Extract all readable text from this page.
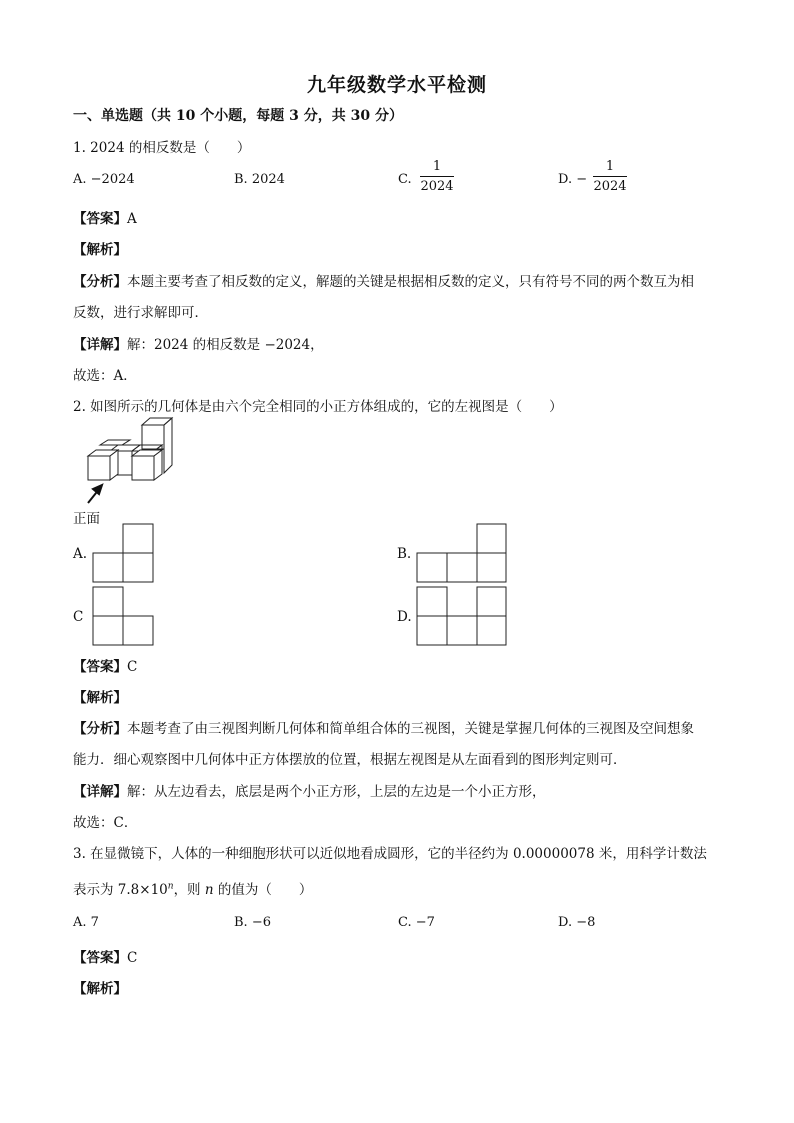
九年级数学水平检测
一、单选题（共 10 个小题，每题 3 分，共 30 分）
1. 2024 的相反数是（　　）
A. −2024	B. 2024	C. $\frac{1}{2024}$	D. − $\frac{1}{2024}$
【答案】A
【解析】
【分析】本题主要考查了相反数的定义，解题的关键是根据相反数的定义，只有符号不同的两个数互为相
反数，进行求解即可．
【详解】解：2024 的相反数是 −2024，
故选：A．
2. 如图所示的几何体是由六个完全相同的小正方体组成的，它的左视图是（　　）
正面
A.	B.
C	D.
【答案】C
【解析】
【分析】本题考查了由三视图判断几何体和简单组合体的三视图，关键是掌握几何体的三视图及空间想象
能力．细心观察图中几何体中正方体摆放的位置，根据左视图是从左面看到的图形判定则可．
【详解】解：从左边看去，底层是两个小正方形，上层的左边是一个小正方形，
故选：C．
3. 在显微镜下，人体的一种细胞形状可以近似地看成圆形，它的半径约为 0.00000078 米，用科学计数法
表示为 $7.8\times 10^n$，则 n 的值为（　　）
A. 7	B. −6	C. −7	D. −8
【答案】C
【解析】
